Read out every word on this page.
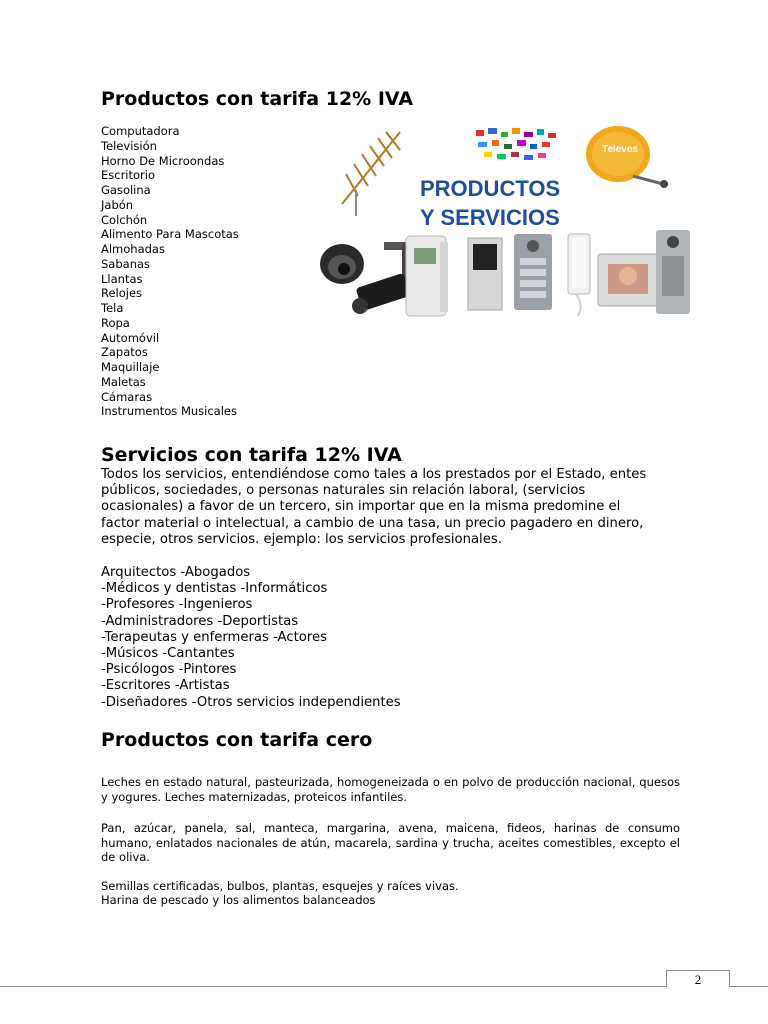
Productos con tarifa 12% IVA
Computadora
Televisión
Horno De Microondas
Escritorio
Gasolina
Jabón
Colchón
Alimento Para Mascotas
Almohadas
Sabanas
Llantas
Relojes
Tela
Ropa
Automóvil
Zapatos
Maquillaje
Maletas
Cámaras
Instrumentos Musicales
Televes
PRODUCTOS
Y SERVICIOS
Servicios con tarifa 12% IVA

Todos los servicios, entendiéndose como tales a los prestados por el Estado, entes públicos, sociedades, o personas naturales sin relación laboral, (servicios ocasionales) a favor de un tercero, sin importar que en la misma predomine el factor material o intelectual, a cambio de una tasa, un precio pagadero en dinero, especie, otros servicios. ejemplo: los servicios profesionales.

Arquitectos -Abogados
-Médicos y dentistas -Informáticos
-Profesores -Ingenieros
-Administradores -Deportistas
-Terapeutas y enfermeras -Actores
-Músicos -Cantantes
-Psicólogos -Pintores
-Escritores -Artistas
-Diseñadores -Otros servicios independientes
Productos con tarifa cero

Leches en estado natural, pasteurizada, homogeneizada o en polvo de producción nacional, quesos y yogures. Leches maternizadas, proteicos infantiles.

Pan, azúcar, panela, sal, manteca, margarina, avena, maicena, fideos, harinas de consumo humano, enlatados nacionales de atún, macarela, sardina y trucha, aceites comestibles, excepto el de oliva.

Semillas certificadas, bulbos, plantas, esquejes y raíces vivas.

Harina de pescado y los alimentos balanceados

2
